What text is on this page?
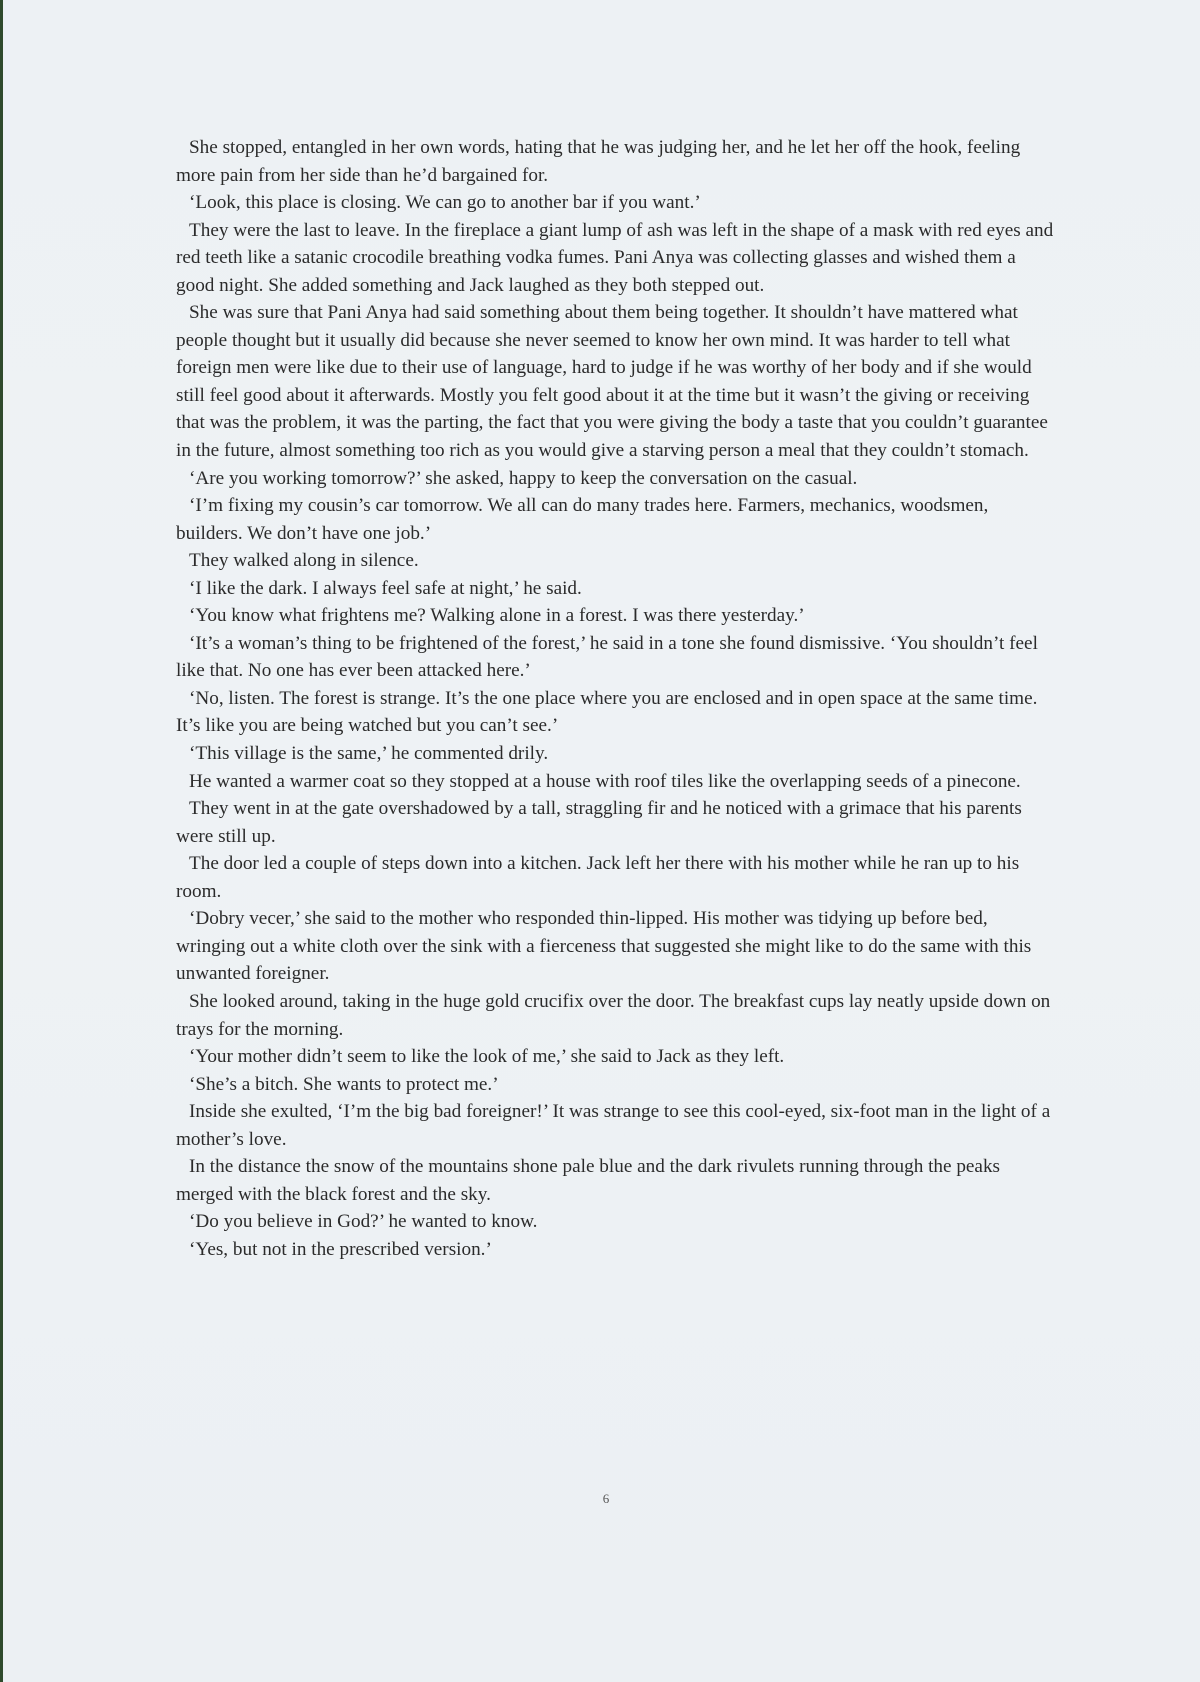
She stopped, entangled in her own words, hating that he was judging her, and he let her off the hook, feeling more pain from her side than he’d bargained for.

‘Look, this place is closing. We can go to another bar if you want.’

They were the last to leave. In the fireplace a giant lump of ash was left in the shape of a mask with red eyes and red teeth like a satanic crocodile breathing vodka fumes. Pani Anya was collecting glasses and wished them a good night. She added something and Jack laughed as they both stepped out.

She was sure that Pani Anya had said something about them being together. It shouldn’t have mattered what people thought but it usually did because she never seemed to know her own mind. It was harder to tell what foreign men were like due to their use of language, hard to judge if he was worthy of her body and if she would still feel good about it afterwards. Mostly you felt good about it at the time but it wasn’t the giving or receiving that was the problem, it was the parting, the fact that you were giving the body a taste that you couldn’t guarantee in the future, almost something too rich as you would give a starving person a meal that they couldn’t stomach.

‘Are you working tomorrow?’ she asked, happy to keep the conversation on the casual.

‘I’m fixing my cousin’s car tomorrow. We all can do many trades here. Farmers, mechanics, woodsmen, builders. We don’t have one job.’

They walked along in silence.

‘I like the dark. I always feel safe at night,’ he said.

‘You know what frightens me? Walking alone in a forest. I was there yesterday.’

‘It’s a woman’s thing to be frightened of the forest,’ he said in a tone she found dismissive. ‘You shouldn’t feel like that. No one has ever been attacked here.’

‘No, listen. The forest is strange. It’s the one place where you are enclosed and in open space at the same time. It’s like you are being watched but you can’t see.’

‘This village is the same,’ he commented drily.

He wanted a warmer coat so they stopped at a house with roof tiles like the overlapping seeds of a pinecone.

They went in at the gate overshadowed by a tall, straggling fir and he noticed with a grimace that his parents were still up.

The door led a couple of steps down into a kitchen. Jack left her there with his mother while he ran up to his room.

‘Dobry vecer,’ she said to the mother who responded thin-lipped. His mother was tidying up before bed, wringing out a white cloth over the sink with a fierceness that suggested she might like to do the same with this unwanted foreigner.

She looked around, taking in the huge gold crucifix over the door. The breakfast cups lay neatly upside down on trays for the morning.

‘Your mother didn’t seem to like the look of me,’ she said to Jack as they left.

‘She’s a bitch. She wants to protect me.’

Inside she exulted, ‘I’m the big bad foreigner!’ It was strange to see this cool-eyed, six-foot man in the light of a mother’s love.

In the distance the snow of the mountains shone pale blue and the dark rivulets running through the peaks merged with the black forest and the sky.

‘Do you believe in God?’ he wanted to know.

‘Yes, but not in the prescribed version.’

6
